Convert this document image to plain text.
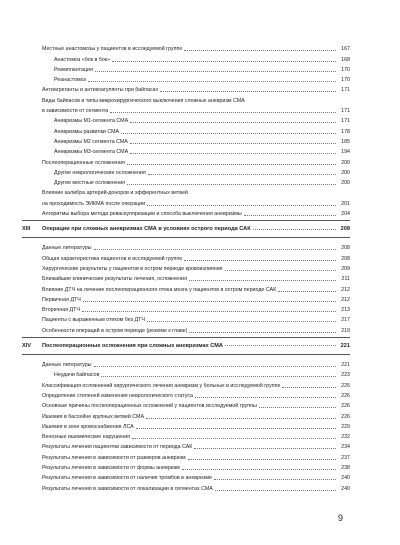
Местные анастомозы у пациентов в исследуемой группе	167
Анастомоз «бок в бок»	168
Реимплантация	170
Реанастомоз	170
Антиагреганты и антикоагулянты при байпасах	171
Виды байпасов и типы микрохирургического выключения сложных аневризм СМА
в зависимости от сегмента	171
Аневризмы М1-сегмента СМА	171
Аневризмы развилки СМА	178
Аневризмы М2 сегмента СМА	185
Аневризмы М3-сегмента СМА	194
Послеоперационные осложнения	200
Другие неврологические осложнения	200
Другие местные осложнения	200
Влияние калибра артерий-доноров и эфферентных ветвей
на проходимость ЭИКМА после операции	201
Алгоритмы выбора метода реваскуляризации и способа выключения аневризмы	204
XIII	Операции при сложных аневризмах СМА в условиях острого периода САК	208
Данные литературы	208
Общая характеристика пациентов в исследуемой группе	208
Хирургические результаты у пациентов в остром периоде кровоизлияния	209
Ближайшие клинические результаты лечения, осложнения	211
Влияние ДТЧ на лечение послеоперационного отека мозга у пациентов в остром периоде САК	212
Первичная ДТЧ	212
Вторичная ДТЧ	213
Пациенты с выраженным отеком без ДТЧ	217
Особенности операций в остром периоде (резюме к главе)	219
XIV	Послеоперационные осложнения при сложных аневризмах СМА	221
Данные литературы	221
Неудачи байпасов	223
Классификация осложнений хирургического лечения аневризм у больных в исследуемой группе	225
Определение степеней изменения неврологического статуса	226
Основные причины послеоперационных осложнений у пациентов исследуемой группы	226
Ишемия в бассейне крупных ветвей СМА	226
Ишемия в зоне кровоснабжения ЛСА	229
Венозные ишемические нарушения	232
Результаты лечения пациентов зависимости от периода САК	234
Результаты лечения в зависимости от размеров аневризм	237
Результаты лечения в зависимости от формы аневризм	238
Результаты лечения в зависимости от наличия тромбов в аневризме	240
Результаты лечения в зависимости от локализации в сегментах СМА	240
9
